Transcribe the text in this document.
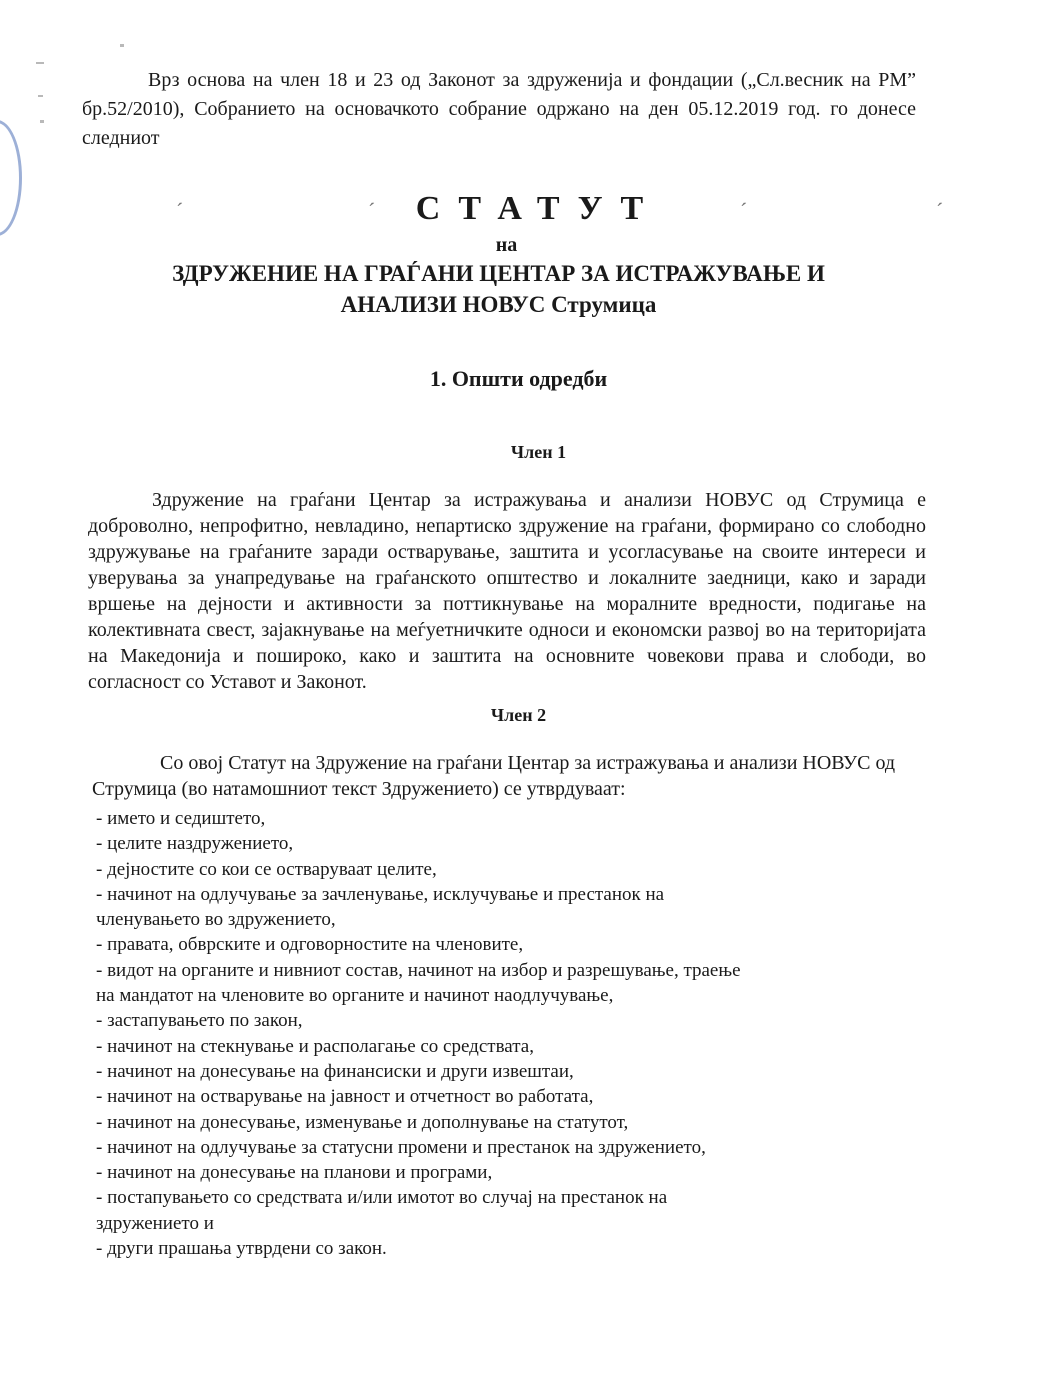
Врз основа на член 18 и 23 од Законот за здруженија и фондации („Сл.весник на РМ” бр.52/2010), Собранието на основачкото собрание одржано на ден 05.12.2019 год. го донесе следниот

ˊ	ˊ	ˊ	ˊ
СТАТУТ
на
ЗДРУЖЕНИЕ НА ГРАЃАНИ ЦЕНТАР ЗА ИСТРАЖУВАЊЕ И
АНАЛИЗИ НОВУС Струмица
1. Општи одредби
Член 1

Здружение на граѓани Центар за истражувања и анализи НОВУС од Струмица е доброволно, непрофитно, невладино, непартиско здружение на граѓани, формирано со слободно здружување на граѓаните заради остварување, заштита и усогласување на своите интереси и уверувања за унапредување на граѓанското општество и локалните заедници, како и заради вршење на дејности и активности за поттикнување на моралните вредности, подигање на колективната свест, зајакнување на меѓуетничките односи и економски развој во на територијата на Македонија и пошироко, како и заштита на основните човекови права и слободи, во согласност со Уставот и Законот.

Член 2

Со овој Статут на Здружение на граѓани Центар за истражувања и анализи НОВУС од Струмица (во натамошниот текст Здружението) се утврдуваат:

- името и седиштето,
- целите наздружението,
- дејностите со кои се остваруваат целите,
- начинот на одлучување за зачленување, исклучување и престанок на
членувањето во здружението,
- правата, обврските и одговорностите на членовите,
- видот на органите и нивниот состав, начинот на избор и разрешување, траење
на мандатот на членовите во органите и начинот наодлучување,
- застапувањето по закон,
- начинот на стекнување и располагање со средствата,
- начинот на донесување на финансиски и други извештаи,
- начинот на остварување на јавност и отчетност во работата,
- начинот на донесување, изменување и дополнување на статутот,
- начинот на одлучување за статусни промени и престанок на здружението,
- начинот на донесување на планови и програми,
- постапувањето со средствата и/или имотот во случај на престанок на
здружението и
- други прашања утврдени со закон.
